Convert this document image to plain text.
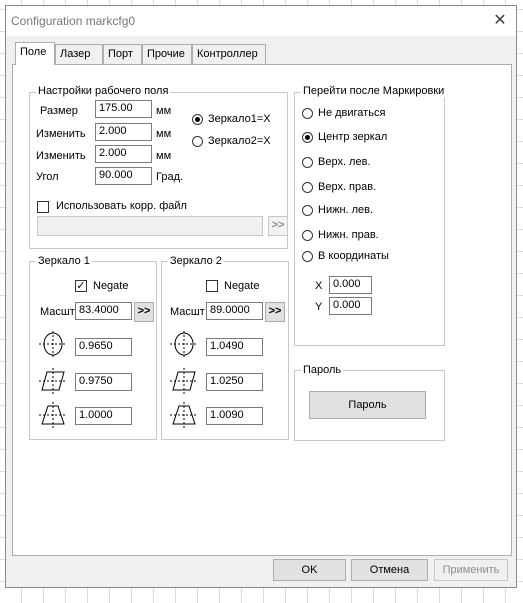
Configuration markcfg0	✕
Поле	Лазер	Порт	Прочие	Контроллер
Настройки рабочего поля
Размер	175.00	мм
Изменить	2.000	мм
Изменить	2.000	мм
Угол	90.000	Град.
Зеркало1=X
Зеркало2=X
Использовать корр. файл
>>
Зеркало 1
✓ Negate
Масшт 83.4000	>>
0.9650
0.9750
1.0000
Зеркало 2
Negate
Масшт 89.0000	>>
1.0490
1.0250
1.0090
Перейти после Маркировки
Не двигаться
Центр зеркал
Верх. лев.
Верх. прав.
Нижн. лев.
Нижн. прав.
В координаты
X 0.000
Y 0.000
Пароль
Пароль
OK	Отмена	Применить
